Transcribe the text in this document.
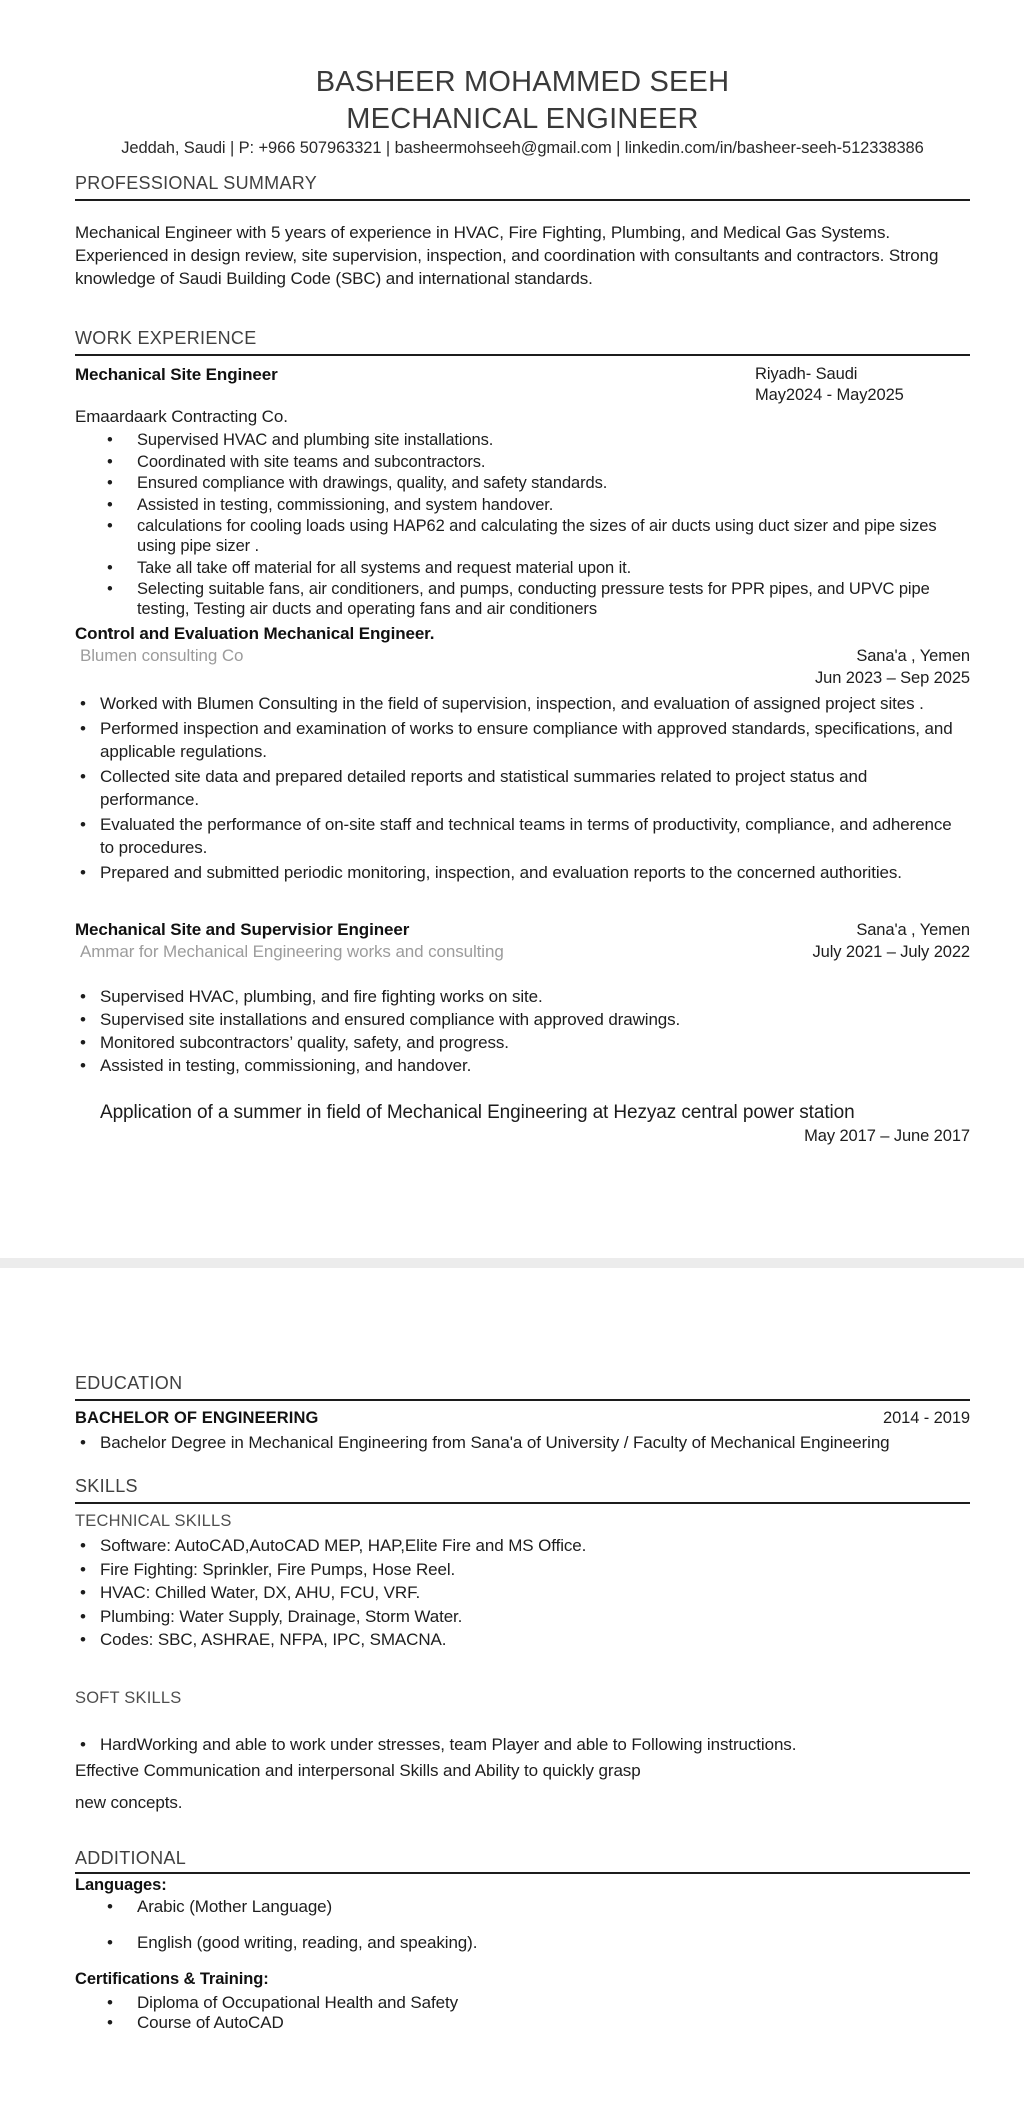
BASHEER MOHAMMED SEEH
MECHANICAL ENGINEER
Jeddah, Saudi | P: +966 507963321 | basheermohseeh@gmail.com | linkedin.com/in/basheer-seeh-512338386
PROFESSIONAL SUMMARY

Mechanical Engineer with 5 years of experience in HVAC, Fire Fighting, Plumbing, and Medical Gas Systems. Experienced in design review, site supervision, inspection, and coordination with consultants and contractors. Strong knowledge of Saudi Building Code (SBC) and international standards.

WORK EXPERIENCE
Mechanical Site Engineer	Riyadh- Saudi
May2024 - May2025
Emaardaark Contracting Co.
• Supervised HVAC and plumbing site installations.
• Coordinated with site teams and subcontractors.
• Ensured compliance with drawings, quality, and safety standards.
• Assisted in testing, commissioning, and system handover.
• calculations for cooling loads using HAP62 and calculating the sizes of air ducts using duct sizer and pipe sizes using pipe sizer .
• Take all take off material for all systems and request material upon it.
• Selecting suitable fans, air conditioners, and pumps, conducting pressure tests for PPR pipes, and UPVC pipe testing, Testing air ducts and operating fans and air conditioners
Control and Evaluation Mechanical Engineer.
Blumen consulting Co	Sana'a , Yemen
Jun 2023 – Sep 2025
• Worked with Blumen Consulting in the field of supervision, inspection, and evaluation of assigned project sites .
• Performed inspection and examination of works to ensure compliance with approved standards, specifications, and applicable regulations.
• Collected site data and prepared detailed reports and statistical summaries related to project status and performance.
• Evaluated the performance of on-site staff and technical teams in terms of productivity, compliance, and adherence to procedures.
• Prepared and submitted periodic monitoring, inspection, and evaluation reports to the concerned authorities.
Mechanical Site and Supervisior Engineer	Sana'a , Yemen
Ammar for Mechanical Engineering works and consulting	July 2021 – July 2022
• Supervised HVAC, plumbing, and fire fighting works on site.
• Supervised site installations and ensured compliance with approved drawings.
• Monitored subcontractors’ quality, safety, and progress.
• Assisted in testing, commissioning, and handover.
Application of a summer in field of Mechanical Engineering at Hezyaz central power station
May 2017 – June 2017
EDUCATION
BACHELOR OF ENGINEERING	2014 - 2019
• Bachelor Degree in Mechanical Engineering from Sana'a of University / Faculty of Mechanical Engineering
SKILLS
TECHNICAL SKILLS
• Software: AutoCAD,AutoCAD MEP, HAP,Elite Fire and MS Office.
• Fire Fighting: Sprinkler, Fire Pumps, Hose Reel.
• HVAC: Chilled Water, DX, AHU, FCU, VRF.
• Plumbing: Water Supply, Drainage, Storm Water.
• Codes: SBC, ASHRAE, NFPA, IPC, SMACNA.
SOFT SKILLS
• HardWorking and able to work under stresses, team Player and able to Following instructions.
Effective Communication and interpersonal Skills and Ability to quickly grasp
new concepts.
ADDITIONAL
Languages:
• Arabic (Mother Language)
• English (good writing, reading, and speaking).
Certifications & Training:
• Diploma of Occupational Health and Safety
• Course of AutoCAD
